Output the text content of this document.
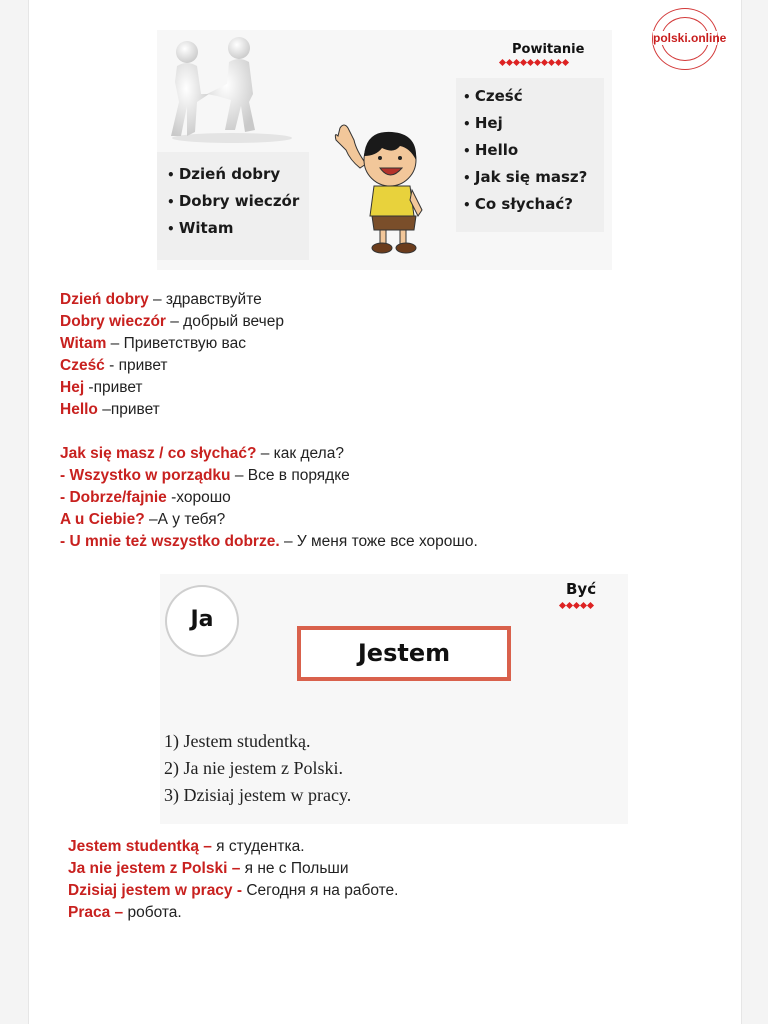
polski.online
• Dzień dobry
• Dobry wieczór
• Witam
Powitanie
• Cześć
• Hej
• Hello
• Jak się masz?
• Co słychać?
Dzień dobry – здравствуйте
Dobry wieczór – добрый вечер
Witam – Приветствую вас
Cześć - привет
Hej -привет
Hello –привет
Jak się masz / co słychać? – как дела?
- Wszystko w porządku – Все в порядке
- Dobrze/fajnie -хорошо
A u Ciebie? –А у тебя?
- U mnie też wszystko dobrze. – У меня тоже все хорошо.
Być
Ja
Jestem
1) Jestem studentką.
2) Ja nie jestem z Polski.
3) Dzisiaj jestem w pracy.
Jestem studentką – я студентка.
Ja nie jestem z Polski – я не с Польши
Dzisiaj jestem w pracy - Сегодня я на работе.
Praca – робота.
